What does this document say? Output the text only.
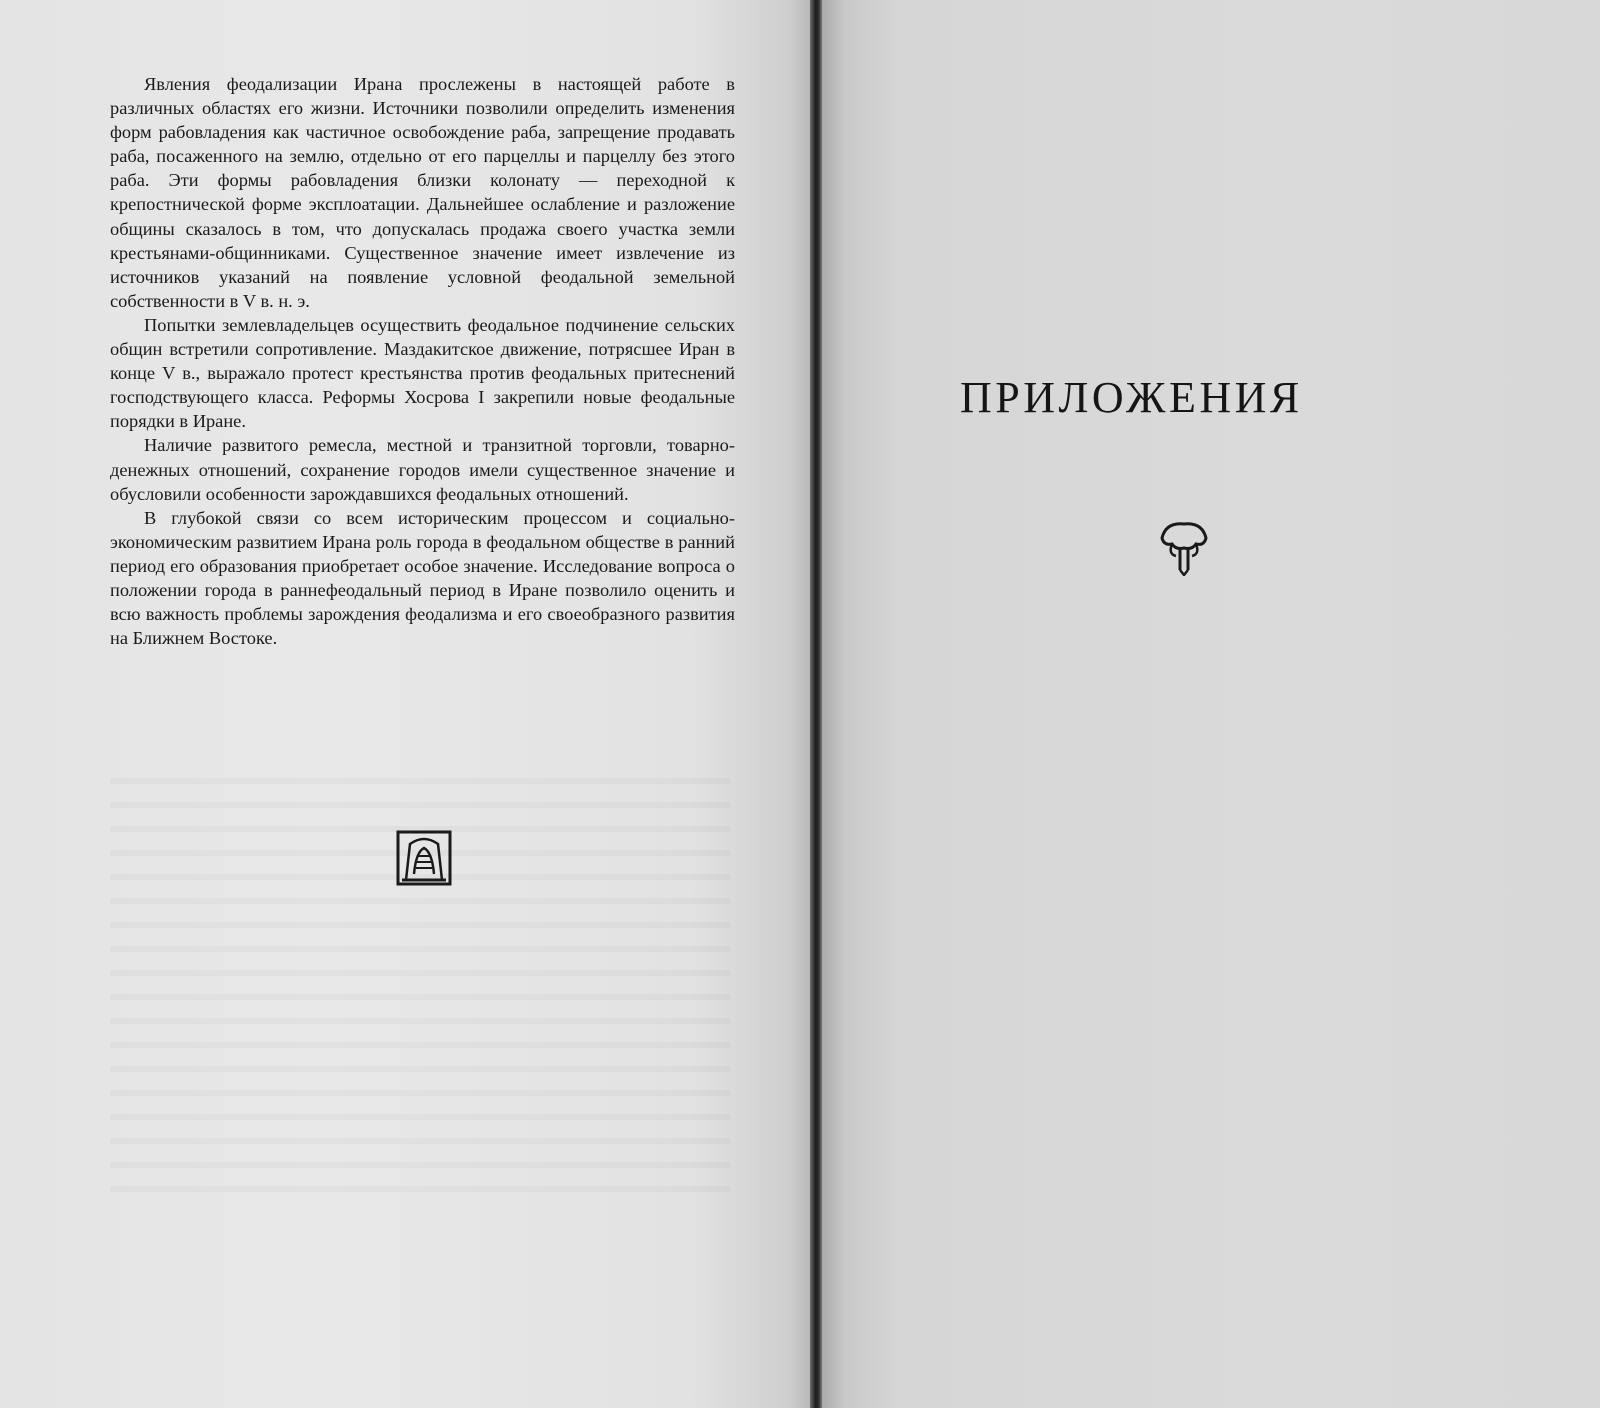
Явления феодализации Ирана прослежены в настоящей работе в различных областях его жизни. Источники позволили определить изменения форм рабовладения как частичное освобождение раба, запрещение продавать раба, посаженного на землю, отдельно от его парцеллы и парцеллу без этого раба. Эти формы рабовладения близки колонату — переходной к крепостнической форме эксплоатации. Дальнейшее ослабление и разложение общины сказалось в том, что допускалась продажа своего участка земли крестьянами-общинниками. Существенное значение имеет извлечение из источников указаний на появление условной феодальной земельной собственности в V в. н. э.

Попытки землевладельцев осуществить феодальное подчинение сельских общин встретили сопротивление. Маздакитское движение, потрясшее Иран в конце V в., выражало протест крестьянства против феодальных притеснений господствующего класса. Реформы Хосрова I закрепили новые феодальные порядки в Иране.

Наличие развитого ремесла, местной и транзитной торговли, товарно-денежных отношений, сохранение городов имели существенное значение и обусловили особенности зарождавшихся феодальных отношений.

В глубокой связи со всем историческим процессом и социально-экономическим развитием Ирана роль города в феодальном обществе в ранний период его образования приобретает особое значение. Исследование вопроса о положении города в раннефеодальный период в Иране позволило оценить и всю важность проблемы зарождения феодализма и его своеобразного развития на Ближнем Востоке.

ПРИЛОЖЕНИЯ
